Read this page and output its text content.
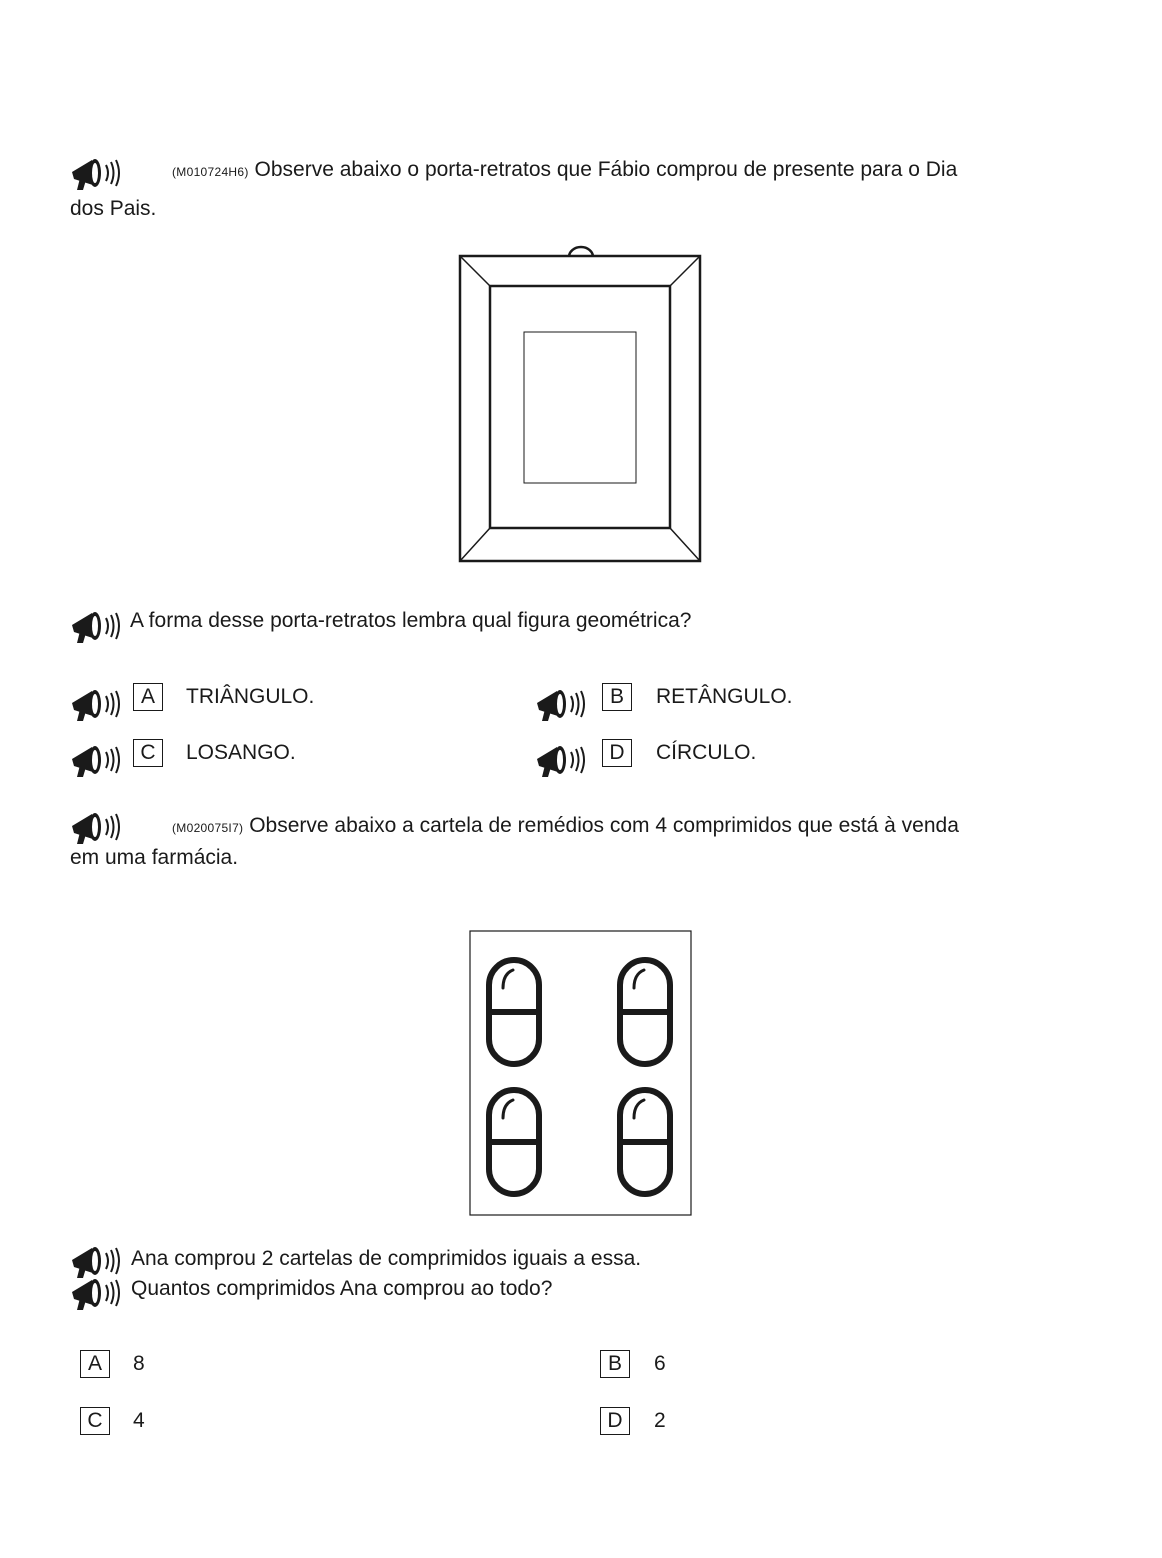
(M010724H6) Observe abaixo o porta-retratos que Fábio comprou de presente para o Dia
dos Pais.
A forma desse porta-retratos lembra qual figura geométrica?
A	TRIÂNGULO.	B	RETÂNGULO.
C	LOSANGO.	D	CÍRCULO.
(M020075I7) Observe abaixo a cartela de remédios com 4 comprimidos que está à venda
em uma farmácia.
Ana comprou 2 cartelas de comprimidos iguais a essa.
Quantos comprimidos Ana comprou ao todo?
A	8	B	6
C	4	D	2
